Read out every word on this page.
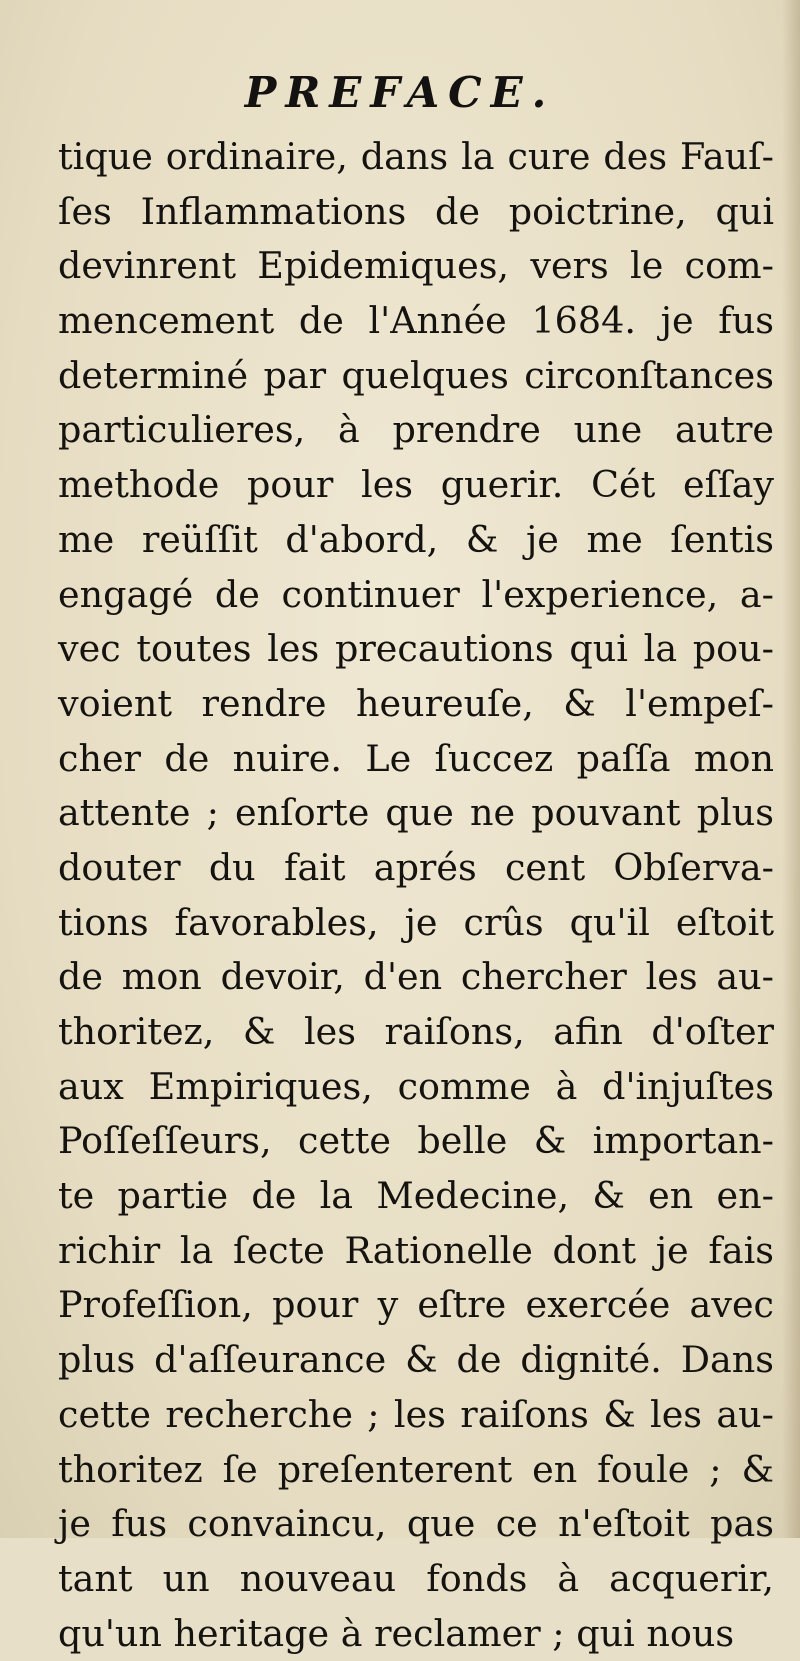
PREFACE.
tique ordinaire, dans la cure des Fauſ-
ſes Inflammations de poictrine, qui
devinrent Epidemiques, vers le com-
mencement de l'Année 1684. je fus
determiné par quelques circonſtances
particulieres, à prendre une autre
methode pour les guerir. Cét eſſay
me reüſſit d'abord, & je me ſentis
engagé de continuer l'experience, a-
vec toutes les precautions qui la pou-
voient rendre heureuſe, & l'empeſ-
cher de nuire. Le ſuccez paſſa mon
attente ; enſorte que ne pouvant plus
douter du fait aprés cent Obſerva-
tions favorables, je crûs qu'il eſtoit
de mon devoir, d'en chercher les au-
thoritez, & les raiſons, afin d'oſter
aux Empiriques, comme à d'injuſtes
Poſſeſſeurs, cette belle & importan-
te partie de la Medecine, & en en-
richir la ſecte Rationelle dont je fais
Profeſſion, pour y eſtre exercée avec
plus d'aſſeurance & de dignité. Dans
cette recherche ; les raiſons & les au-
thoritez ſe preſenterent en foule ; &
je fus convaincu, que ce n'eſtoit pas
tant un nouveau fonds à acquerir,
qu'un heritage à reclamer ; qui nous
